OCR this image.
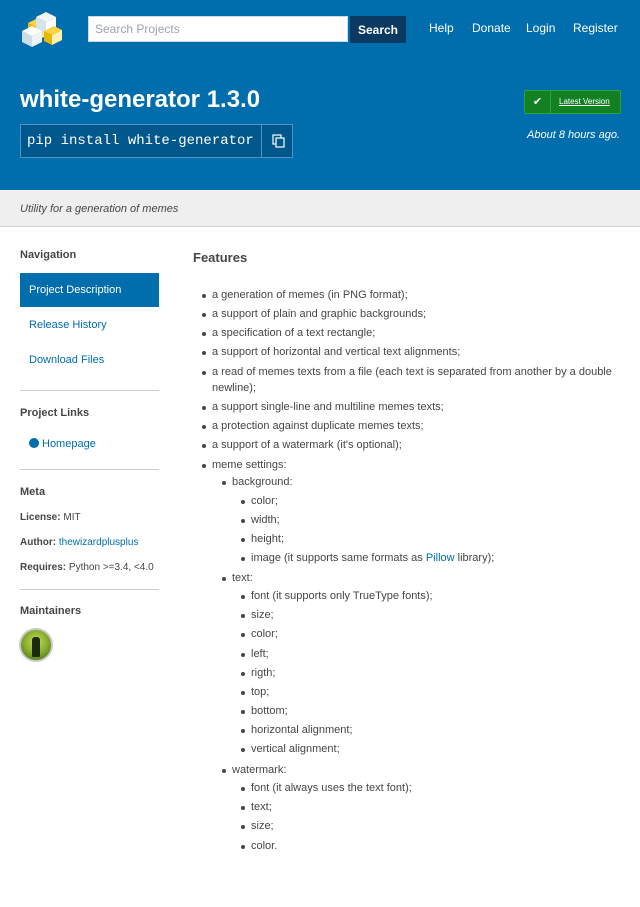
Search Projects
Search	Help Donate Login Register
white-generator 1.3.0
pip install white-generator
✔	Latest Version

About 8 hours ago.

Utility for a generation of memes

Navigation
Project Description
Release History
Download Files
Project Links
Homepage
Meta

License: MIT

Author: thewizardplusplus

Requires: Python >=3.4, <4.0

Maintainers
Features

a generation of memes (in PNG format);

a support of plain and graphic backgrounds;

a specification of a text rectangle;

a support of horizontal and vertical text alignments;

a read of memes texts from a file (each text is separated from another by a double

newline);

a support single-line and multiline memes texts;

a protection against duplicate memes texts;

a support of a watermark (it's optional);

meme settings:

background:

color;

width;

height;

image (it supports same formats as Pillow library);

text:

font (it supports only TrueType fonts);

size;

color;

left;

rigth;

top;

bottom;

horizontal alignment;

vertical alignment;

watermark:

font (it always uses the text font);

text;

size;

color.
